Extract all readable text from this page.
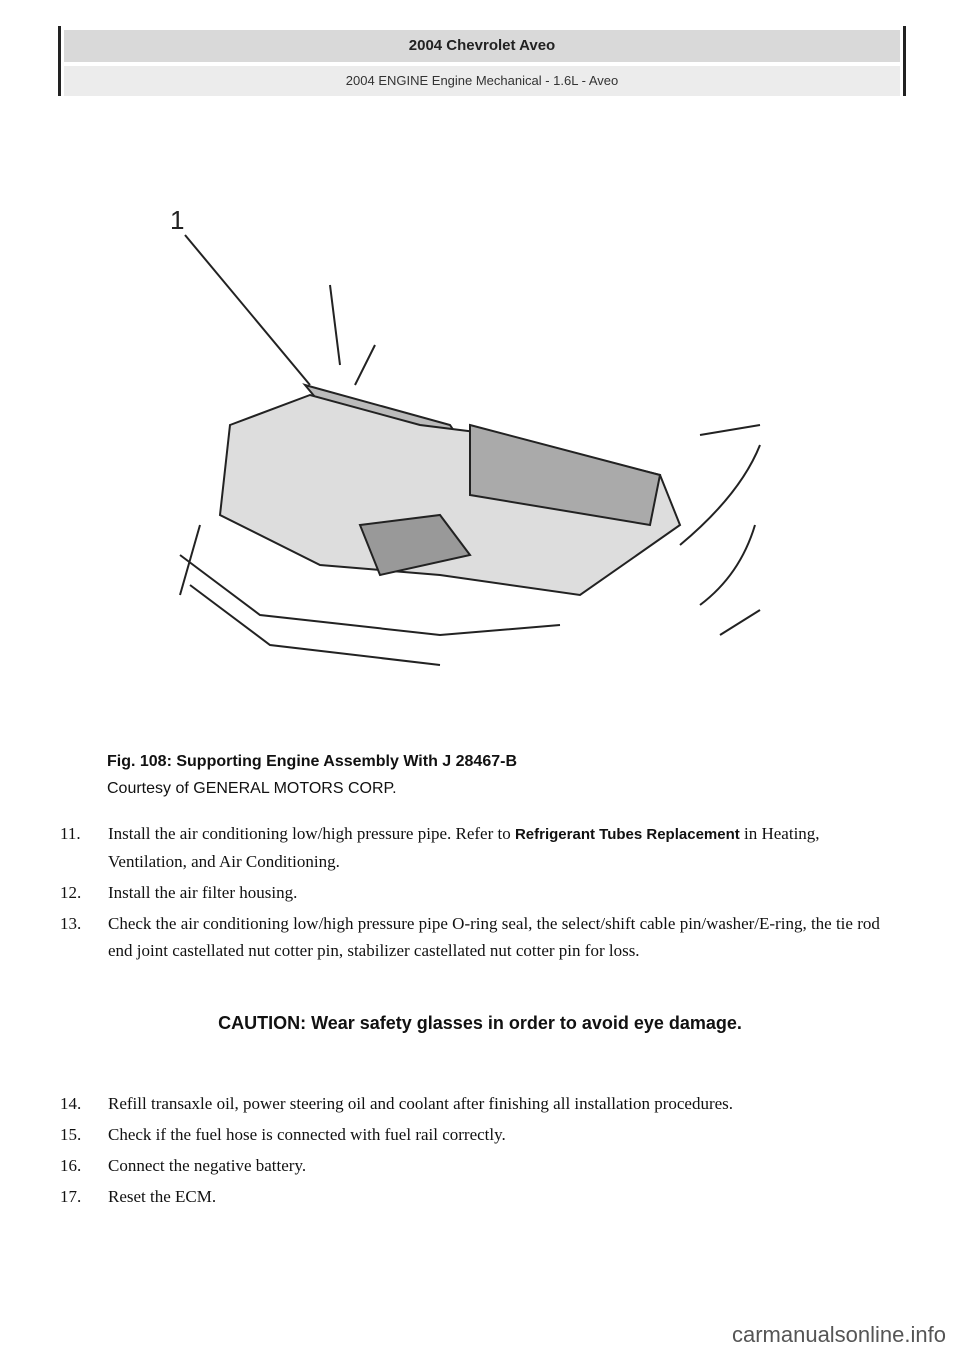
2004 Chevrolet Aveo
2004 ENGINE Engine Mechanical - 1.6L - Aveo
1
Fig. 108: Supporting Engine Assembly With J 28467-B
Courtesy of GENERAL MOTORS CORP.
11.	Install the air conditioning low/high pressure pipe. Refer to Refrigerant Tubes Replacement in Heating, Ventilation, and Air Conditioning.
12.	Install the air filter housing.
13.	Check the air conditioning low/high pressure pipe O-ring seal, the select/shift cable pin/washer/E-ring, the tie rod end joint castellated nut cotter pin, stabilizer castellated nut cotter pin for loss.
CAUTION: Wear safety glasses in order to avoid eye damage.
14.	Refill transaxle oil, power steering oil and coolant after finishing all installation procedures.
15.	Check if the fuel hose is connected with fuel rail correctly.
16.	Connect the negative battery.
17.	Reset the ECM.
carmanualsonline.info
